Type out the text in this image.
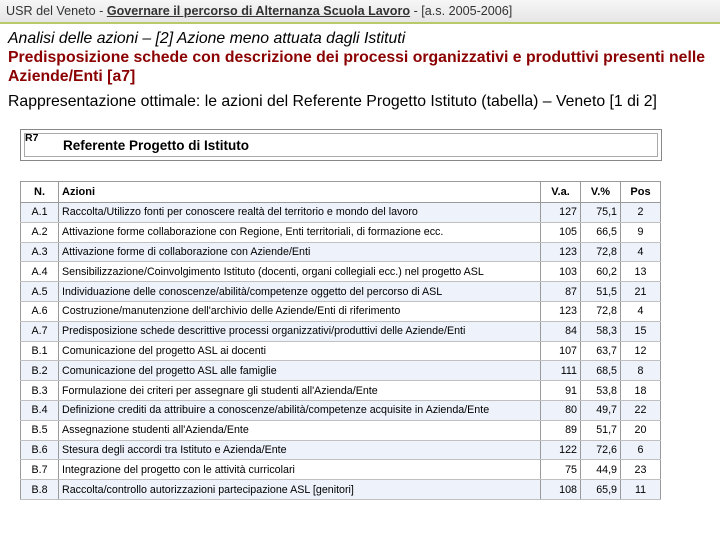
USR del Veneto - Governare il percorso di Alternanza Scuola Lavoro - [a.s. 2005-2006]
Analisi delle azioni – [2] Azione meno attuata dagli Istituti
Predisposizione schede con descrizione dei processi organizzativi e produttivi presenti nelle Aziende/Enti [a7]
Rappresentazione ottimale: le azioni del Referente Progetto Istituto (tabella) – Veneto [1 di 2]
R7 Referente Progetto di Istituto
N.	Azioni	V.a.	V.%	Pos
A.1	Raccolta/Utilizzo fonti per conoscere realtà del territorio e mondo del lavoro	127	75,1	2
A.2	Attivazione forme collaborazione con Regione, Enti territoriali, di formazione ecc.	105	66,5	9
A.3	Attivazione forme di collaborazione con Aziende/Enti	123	72,8	4
A.4	Sensibilizzazione/Coinvolgimento Istituto (docenti, organi collegiali ecc.) nel progetto ASL	103	60,2	13
A.5	Individuazione delle conoscenze/abilità/competenze oggetto del percorso di ASL	87	51,5	21
A.6	Costruzione/manutenzione dell'archivio delle Aziende/Enti di riferimento	123	72,8	4
A.7	Predisposizione schede descrittive processi organizzativi/produttivi delle Aziende/Enti	84	58,3	15
B.1	Comunicazione del progetto ASL ai docenti	107	63,7	12
B.2	Comunicazione del progetto ASL alle famiglie	111	68,5	8
B.3	Formulazione dei criteri per assegnare gli studenti all'Azienda/Ente	91	53,8	18
B.4	Definizione crediti da attribuire a conoscenze/abilità/competenze acquisite in Azienda/Ente	80	49,7	22
B.5	Assegnazione studenti all'Azienda/Ente	89	51,7	20
B.6	Stesura degli accordi tra Istituto e Azienda/Ente	122	72,6	6
B.7	Integrazione del progetto con le attività curricolari	75	44,9	23
B.8	Raccolta/controllo autorizzazioni partecipazione ASL [genitori]	108	65,9	11
